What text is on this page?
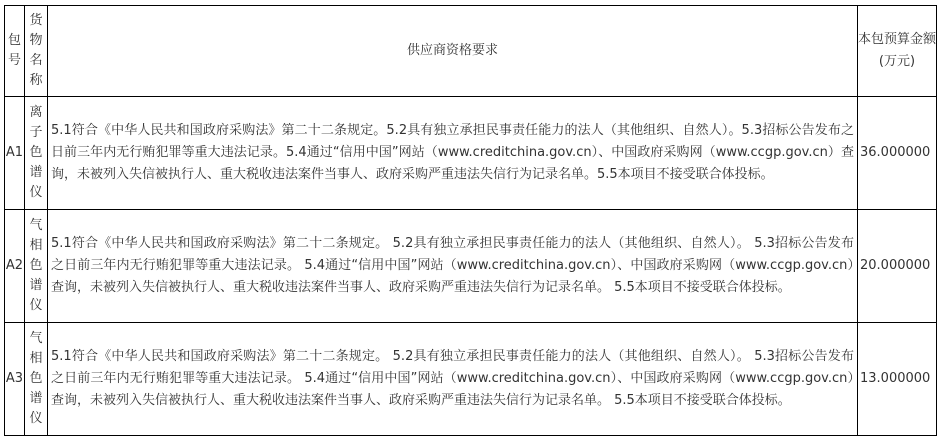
包号	货物名称	供应商资格要求	本包预算金额(万元)

A1	离子色谱仪	5.1符合《中华人民共和国政府采购法》第二十二条规定。5.2具有独立承担民事责任能力的法人（其他组织、自然人）。5.3招标公告发布之日前三年内无行贿犯罪等重大违法记录。5.4通过“信用中国”网站（www.creditchina.gov.cn）、中国政府采购网（www.ccgp.gov.cn）查询，未被列入失信被执行人、重大税收违法案件当事人、政府采购严重违法失信行为记录名单。5.5本项目不接受联合体投标。	36.000000

A2	气相色谱仪	5.1符合《中华人民共和国政府采购法》第二十二条规定。 5.2具有独立承担民事责任能力的法人（其他组织、自然人）。 5.3招标公告发布之日前三年内无行贿犯罪等重大违法记录。 5.4通过“信用中国”网站（www.creditchina.gov.cn）、中国政府采购网（www.ccgp.gov.cn）查询，未被列入失信被执行人、重大税收违法案件当事人、政府采购严重违法失信行为记录名单。 5.5本项目不接受联合体投标。	20.000000

A3	气相色谱仪	5.1符合《中华人民共和国政府采购法》第二十二条规定。 5.2具有独立承担民事责任能力的法人（其他组织、自然人）。 5.3招标公告发布之日前三年内无行贿犯罪等重大违法记录。 5.4通过“信用中国”网站（www.creditchina.gov.cn）、中国政府采购网（www.ccgp.gov.cn）查询，未被列入失信被执行人、重大税收违法案件当事人、政府采购严重违法失信行为记录名单。 5.5本项目不接受联合体投标。	13.000000
